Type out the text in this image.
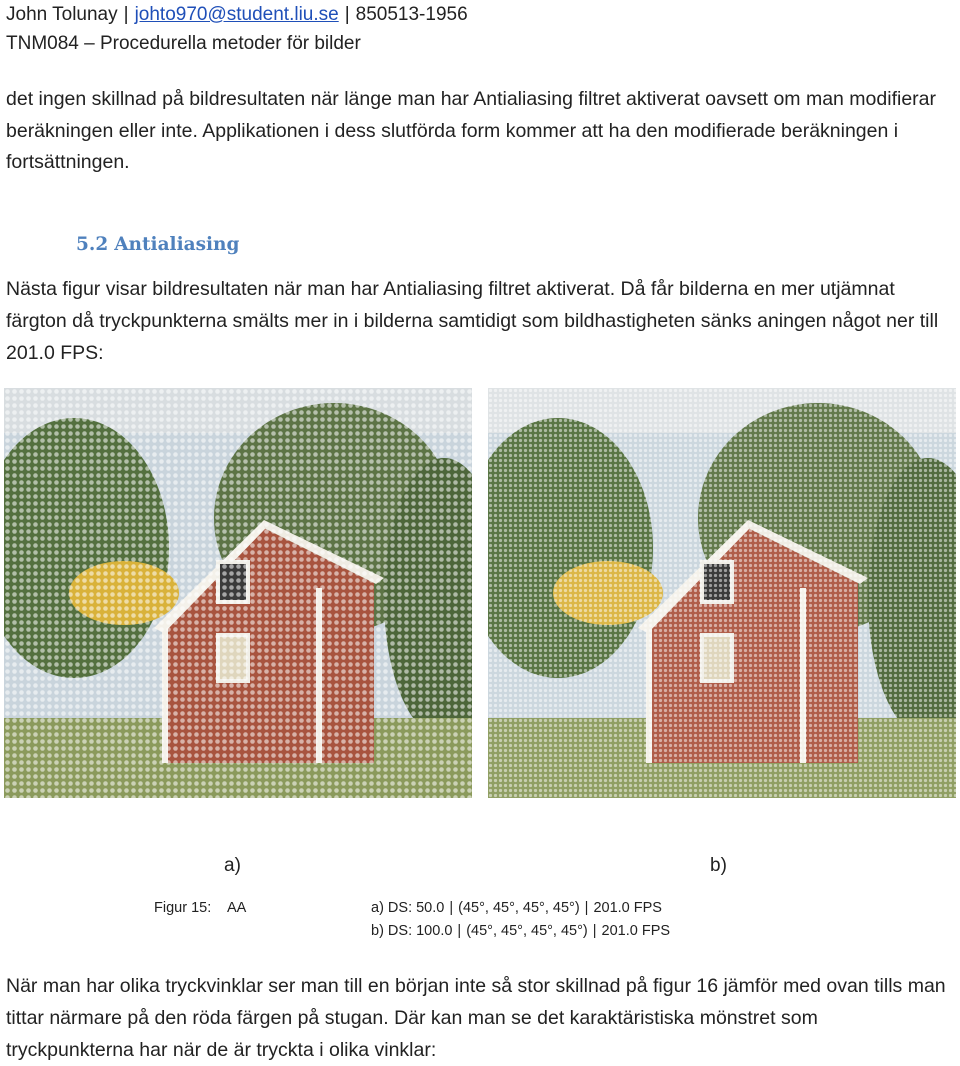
John Tolunay | johto970@student.liu.se | 850513-1956
TNM084 – Procedurella metoder för bilder

det ingen skillnad på bildresultaten när länge man har Antialiasing filtret aktiverat oavsett om man modifierar beräkningen eller inte. Applikationen i dess slutförda form kommer att ha den modifierade beräkningen i fortsättningen.

5.2 Antialiasing

Nästa figur visar bildresultaten när man har Antialiasing filtret aktiverat. Då får bilderna en mer utjämnat färgton då tryckpunkterna smälts mer in i bilderna samtidigt som bildhastigheten sänks aningen något ner till 201.0 FPS:

a)	b)
Figur 15: AA	a) DS: 50.0 | (45°, 45°, 45°, 45°) | 201.0 FPS
b) DS: 100.0 | (45°, 45°, 45°, 45°) | 201.0 FPS

När man har olika tryckvinklar ser man till en början inte så stor skillnad på figur 16 jämför med ovan tills man tittar närmare på den röda färgen på stugan. Där kan man se det karaktäristiska mönstret som tryckpunkterna har när de är tryckta i olika vinklar:
